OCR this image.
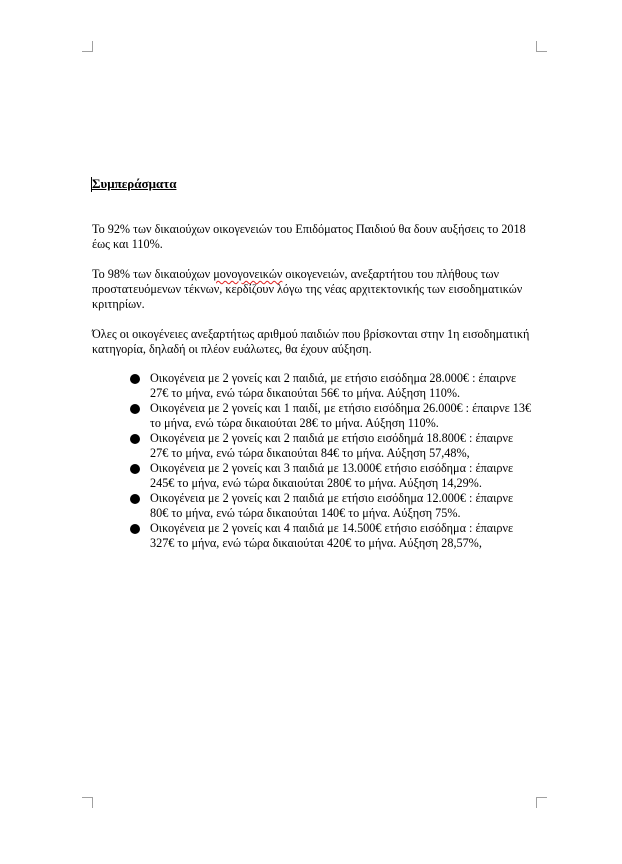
Συμπεράσματα

Το 92% των δικαιούχων οικογενειών του Επιδόματος Παιδιού θα δουν αυξήσεις το 2018 έως και 110%.

Το 98% των δικαιούχων μονογονεικών οικογενειών, ανεξαρτήτου του πλήθους των προστατευόμενων τέκνων, κερδίζουν λόγω της νέας αρχιτεκτονικής των εισοδηματικών κριτηρίων.

Όλες οι οικογένειες ανεξαρτήτως αριθμού παιδιών που βρίσκονται στην 1η εισοδηματική κατηγορία, δηλαδή οι πλέον ευάλωτες, θα έχουν αύξηση.

Οικογένεια με 2 γονείς και 2 παιδιά, με ετήσιο εισόδημα 28.000€ : έπαιρνε 27€ το μήνα, ενώ τώρα δικαιούται 56€ το μήνα. Αύξηση 110%.
Οικογένεια με 2 γονείς και 1 παιδί, με ετήσιο εισόδημα 26.000€ : έπαιρνε 13€ το μήνα, ενώ τώρα δικαιούται 28€ το μήνα. Αύξηση 110%.
Οικογένεια με 2 γονείς και 2 παιδιά με ετήσιο εισόδημά 18.800€ : έπαιρνε 27€ το μήνα, ενώ τώρα δικαιούται 84€ το μήνα. Αύξηση 57,48%,
Οικογένεια με 2 γονείς και 3 παιδιά με 13.000€ ετήσιο εισόδημα : έπαιρνε 245€ το μήνα, ενώ τώρα δικαιούται 280€ το μήνα. Αύξηση 14,29%.
Οικογένεια με 2 γονείς και 2 παιδιά με ετήσιο εισόδημα 12.000€ : έπαιρνε 80€ το μήνα, ενώ τώρα δικαιούται 140€ το μήνα. Αύξηση 75%.
Οικογένεια με 2 γονείς και 4 παιδιά με 14.500€ ετήσιο εισόδημα : έπαιρνε 327€ το μήνα, ενώ τώρα δικαιούται 420€ το μήνα. Αύξηση 28,57%,
